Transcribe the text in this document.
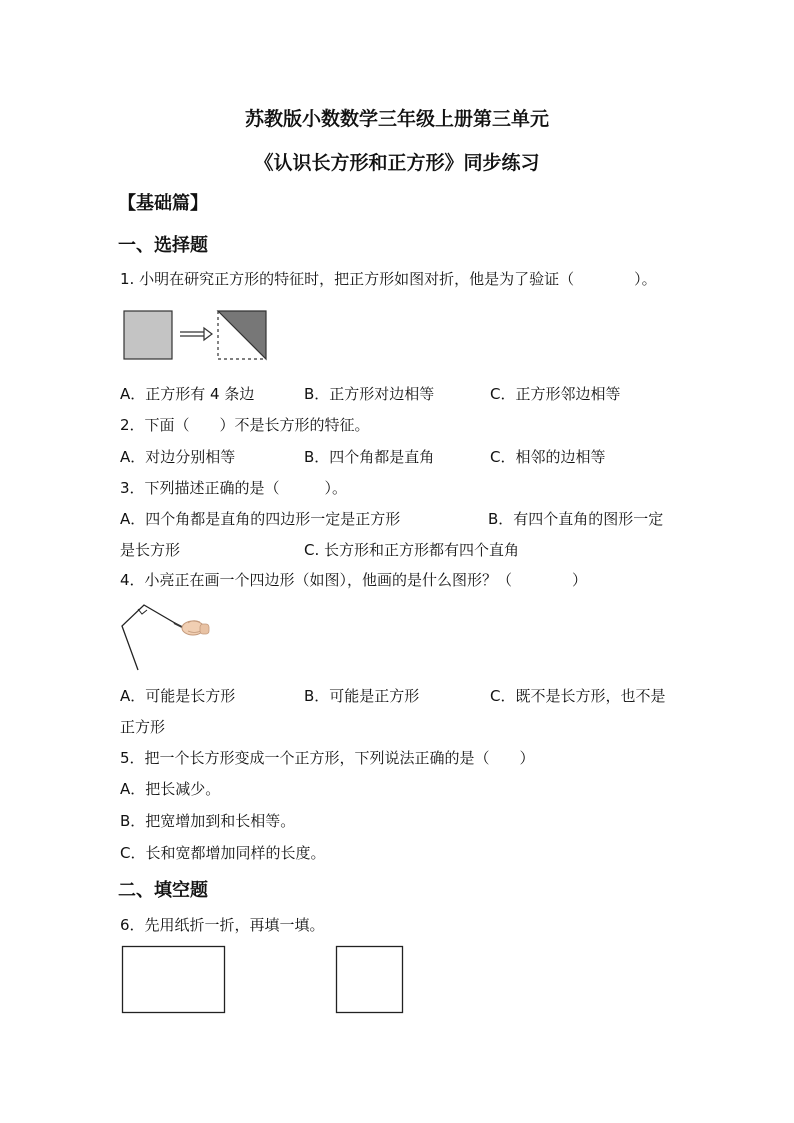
苏教版小数数学三年级上册第三单元
《认识长方形和正方形》同步练习
【基础篇】
一、选择题
1. 小明在研究正方形的特征时，把正方形如图对折，他是为了验证（　　　　）。
A．正方形有 4 条边	B．正方形对边相等	C．正方形邻边相等
2．下面（　　）不是长方形的特征。
A．对边分别相等	B．四个角都是直角	C．相邻的边相等
3．下列描述正确的是（　　　）。
A．四个角都是直角的四边形一定是正方形	B．有四个直角的图形一定
是长方形	C. 长方形和正方形都有四个直角
4．小亮正在画一个四边形（如图），他画的是什么图形？（　　　　）
A．可能是长方形	B．可能是正方形	C．既不是长方形，也不是
正方形
5．把一个长方形变成一个正方形，下列说法正确的是（　　）
A．把长减少。
B．把宽增加到和长相等。
C．长和宽都增加同样的长度。
二、填空题
6．先用纸折一折，再填一填。
